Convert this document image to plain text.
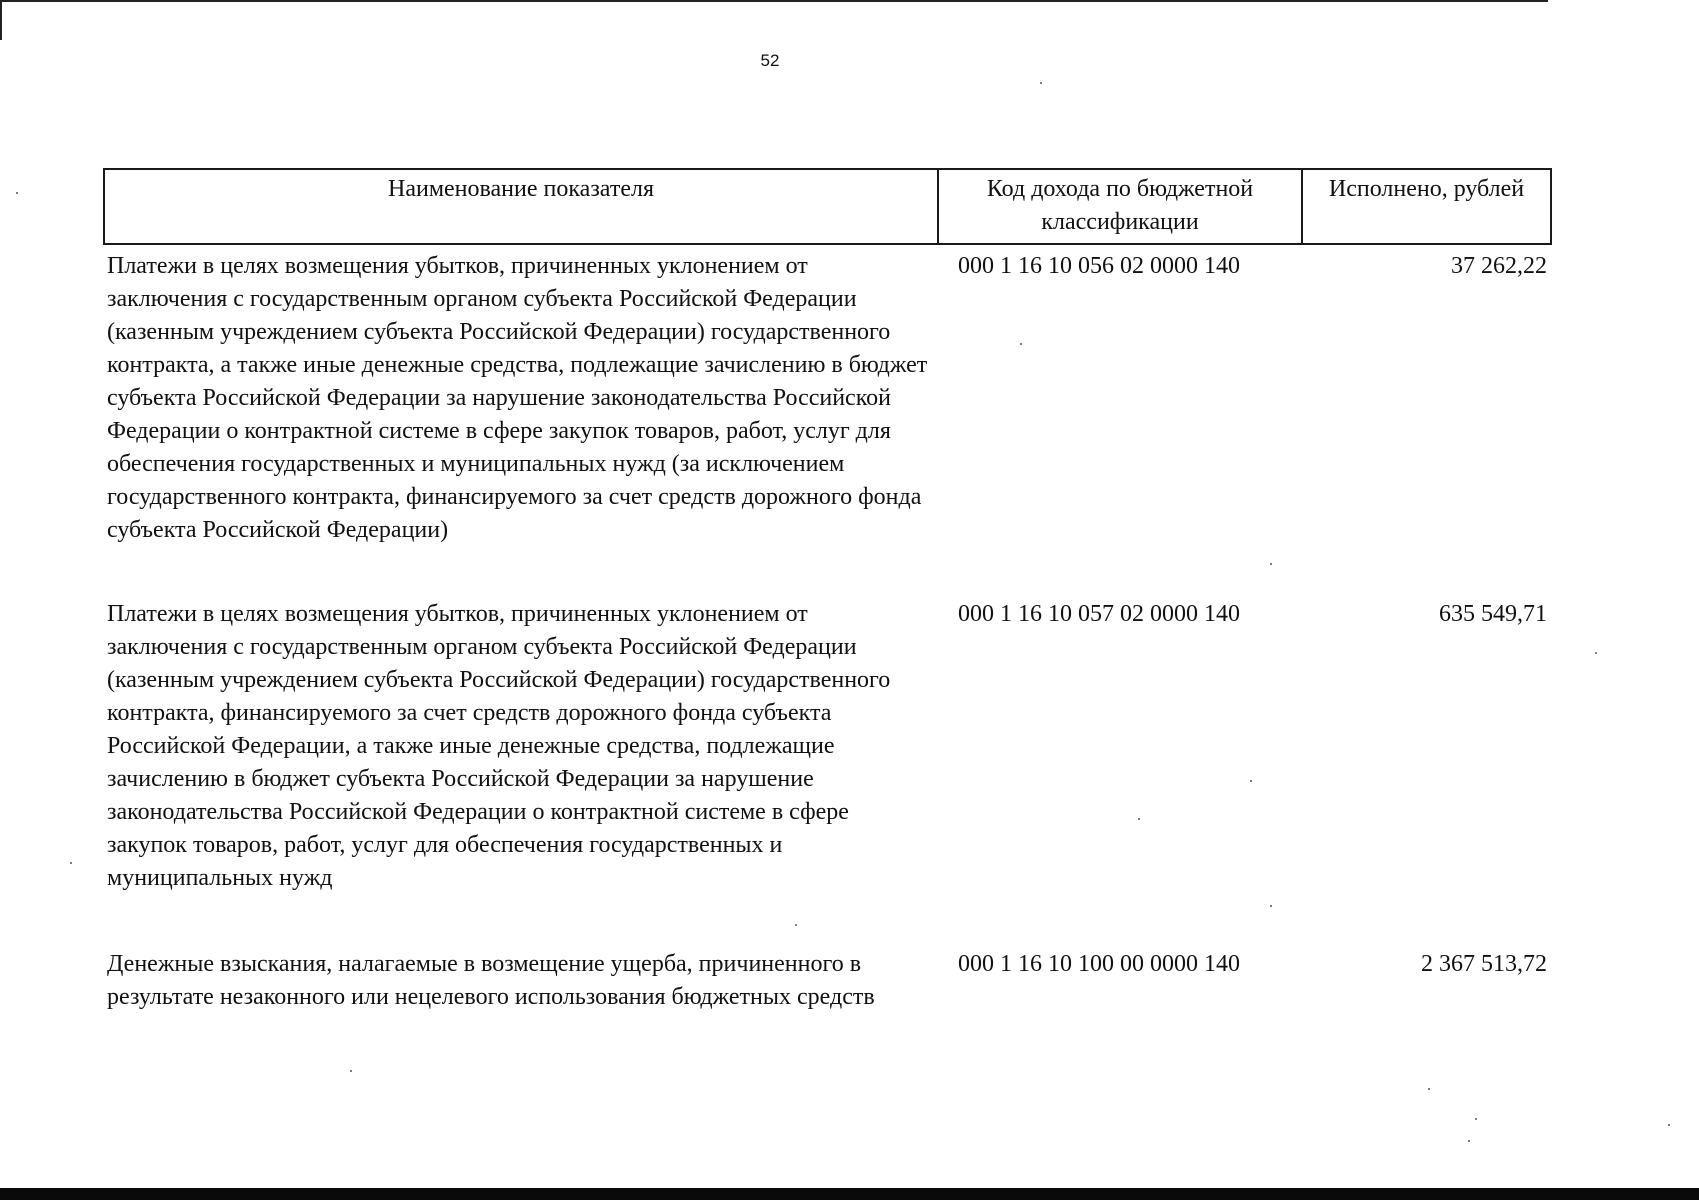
52
Наименование показателя	Код дохода по бюджетной классификации	Исполнено, рублей
Платежи в целях возмещения убытков, причиненных уклонением от заключения с государственным органом субъекта Российской Федерации (казенным учреждением субъекта Российской Федерации) государственного контракта, а также иные денежные средства, подлежащие зачислению в бюджет субъекта Российской Федерации за нарушение законодательства Российской Федерации о контрактной системе в сфере закупок товаров, работ, услуг для обеспечения государственных и муниципальных нужд (за исключением государственного контракта, финансируемого за счет средств дорожного фонда субъекта Российской Федерации)	000 1 16 10 056 02 0000 140	37 262,22
Платежи в целях возмещения убытков, причиненных уклонением от заключения с государственным органом субъекта Российской Федерации (казенным учреждением субъекта Российской Федерации) государственного контракта, финансируемого за счет средств дорожного фонда субъекта Российской Федерации, а также иные денежные средства, подлежащие зачислению в бюджет субъекта Российской Федерации за нарушение законодательства Российской Федерации о контрактной системе в сфере закупок товаров, работ, услуг для обеспечения государственных и муниципальных нужд	000 1 16 10 057 02 0000 140	635 549,71
Денежные взыскания, налагаемые в возмещение ущерба, причиненного в результате незаконного или нецелевого использования бюджетных средств	000 1 16 10 100 00 0000 140	2 367 513,72
